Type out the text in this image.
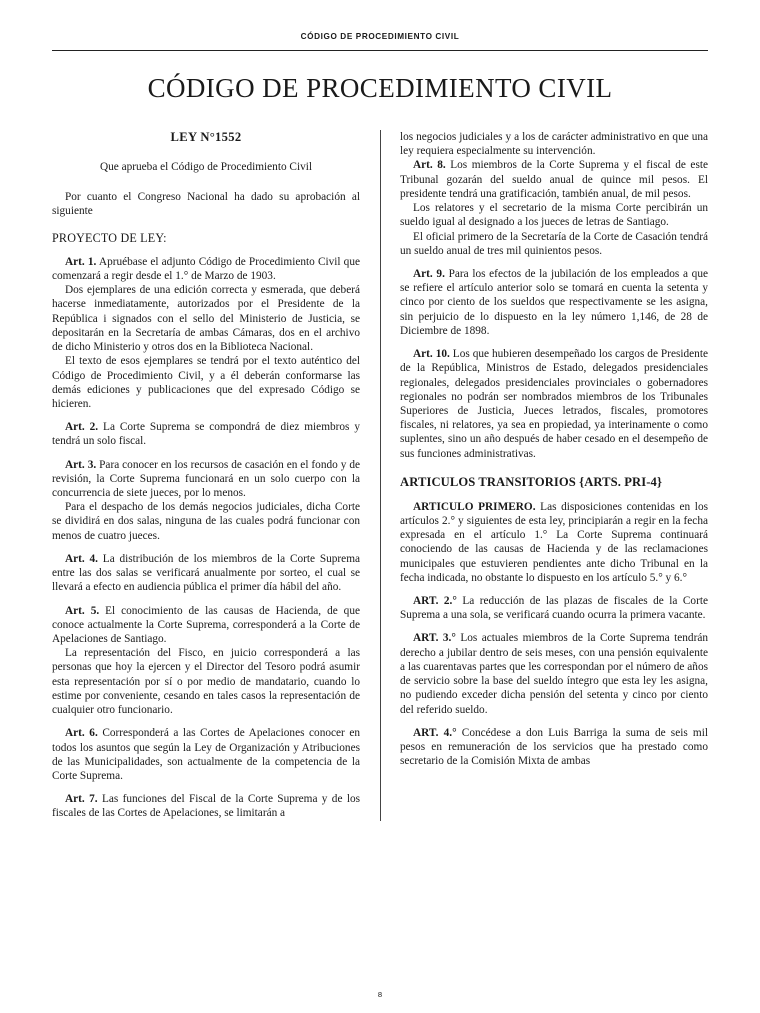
CÓDIGO DE PROCEDIMIENTO CIVIL
CÓDIGO DE PROCEDIMIENTO CIVIL

LEY N°1552

Que aprueba el Código de Procedimiento Civil

Por cuanto el Congreso Nacional ha dado su aprobación al siguiente

PROYECTO DE LEY:

Art. 1. Apruébase el adjunto Código de Procedimiento Civil que comenzará a regir desde el 1.° de Marzo de 1903.

Dos ejemplares de una edición correcta y esmerada, que deberá hacerse inmediatamente, autorizados por el Presidente de la República i signados con el sello del Ministerio de Justicia, se depositarán en la Secretaría de ambas Cámaras, dos en el archivo de dicho Ministerio y otros dos en la Biblioteca Nacional.

El texto de esos ejemplares se tendrá por el texto auténtico del Código de Procedimiento Civil, y a él deberán conformarse las demás ediciones y publicaciones que del expresado Código se hicieren.

Art. 2. La Corte Suprema se compondrá de diez miembros y tendrá un solo fiscal.

Art. 3. Para conocer en los recursos de casación en el fondo y de revisión, la Corte Suprema funcionará en un solo cuerpo con la concurrencia de siete jueces, por lo menos.

Para el despacho de los demás negocios judiciales, dicha Corte se dividirá en dos salas, ninguna de las cuales podrá funcionar con menos de cuatro jueces.

Art. 4. La distribución de los miembros de la Corte Suprema entre las dos salas se verificará anualmente por sorteo, el cual se llevará a efecto en audiencia pública el primer día hábil del año.

Art. 5. El conocimiento de las causas de Hacienda, de que conoce actualmente la Corte Suprema, corresponderá a la Corte de Apelaciones de Santiago.

La representación del Fisco, en juicio corresponderá a las personas que hoy la ejercen y el Director del Tesoro podrá asumir esta representación por sí o por medio de mandatario, cuando lo estime por conveniente, cesando en tales casos la representación de cualquier otro funcionario.

Art. 6. Corresponderá a las Cortes de Apelaciones conocer en todos los asuntos que según la Ley de Organización y Atribuciones de las Municipalidades, son actualmente de la competencia de la Corte Suprema.

Art. 7. Las funciones del Fiscal de la Corte Suprema y de los fiscales de las Cortes de Apelaciones, se limitarán a

los negocios judiciales y a los de carácter administrativo en que una ley requiera especialmente su intervención.

Art. 8. Los miembros de la Corte Suprema y el fiscal de este Tribunal gozarán del sueldo anual de quince mil pesos. El presidente tendrá una gratificación, también anual, de mil pesos.

Los relatores y el secretario de la misma Corte percibirán un sueldo igual al designado a los jueces de letras de Santiago.

El oficial primero de la Secretaría de la Corte de Casación tendrá un sueldo anual de tres mil quinientos pesos.

Art. 9. Para los efectos de la jubilación de los empleados a que se refiere el artículo anterior solo se tomará en cuenta la setenta y cinco por ciento de los sueldos que respectivamente se les asigna, sin perjuicio de lo dispuesto en la ley número 1,146, de 28 de Diciembre de 1898.

Art. 10. Los que hubieren desempeñado los cargos de Presidente de la República, Ministros de Estado, delegados presidenciales regionales, delegados presidenciales provinciales o gobernadores regionales no podrán ser nombrados miembros de los Tribunales Superiores de Justicia, Jueces letrados, fiscales, promotores fiscales, ni relatores, ya sea en propiedad, ya interinamente o como suplentes, sino un año después de haber cesado en el desempeño de sus funciones administrativas.

ARTICULOS TRANSITORIOS {ARTS. PRI-4}

ARTICULO PRIMERO. Las disposiciones contenidas en los artículos 2.° y siguientes de esta ley, principiarán a regir en la fecha expresada en el artículo 1.° La Corte Suprema continuará conociendo de las causas de Hacienda y de las reclamaciones municipales que estuvieren pendientes ante dicho Tribunal en la fecha indicada, no obstante lo dispuesto en los artículo 5.° y 6.°

ART. 2.° La reducción de las plazas de fiscales de la Corte Suprema a una sola, se verificará cuando ocurra la primera vacante.

ART. 3.° Los actuales miembros de la Corte Suprema tendrán derecho a jubilar dentro de seis meses, con una pensión equivalente a las cuarentavas partes que les correspondan por el número de años de servicio sobre la base del sueldo íntegro que esta ley les asigna, no pudiendo exceder dicha pensión del setenta y cinco por ciento del referido sueldo.

ART. 4.° Concédese a don Luis Barriga la suma de seis mil pesos en remuneración de los servicios que ha prestado como secretario de la Comisión Mixta de ambas

8
